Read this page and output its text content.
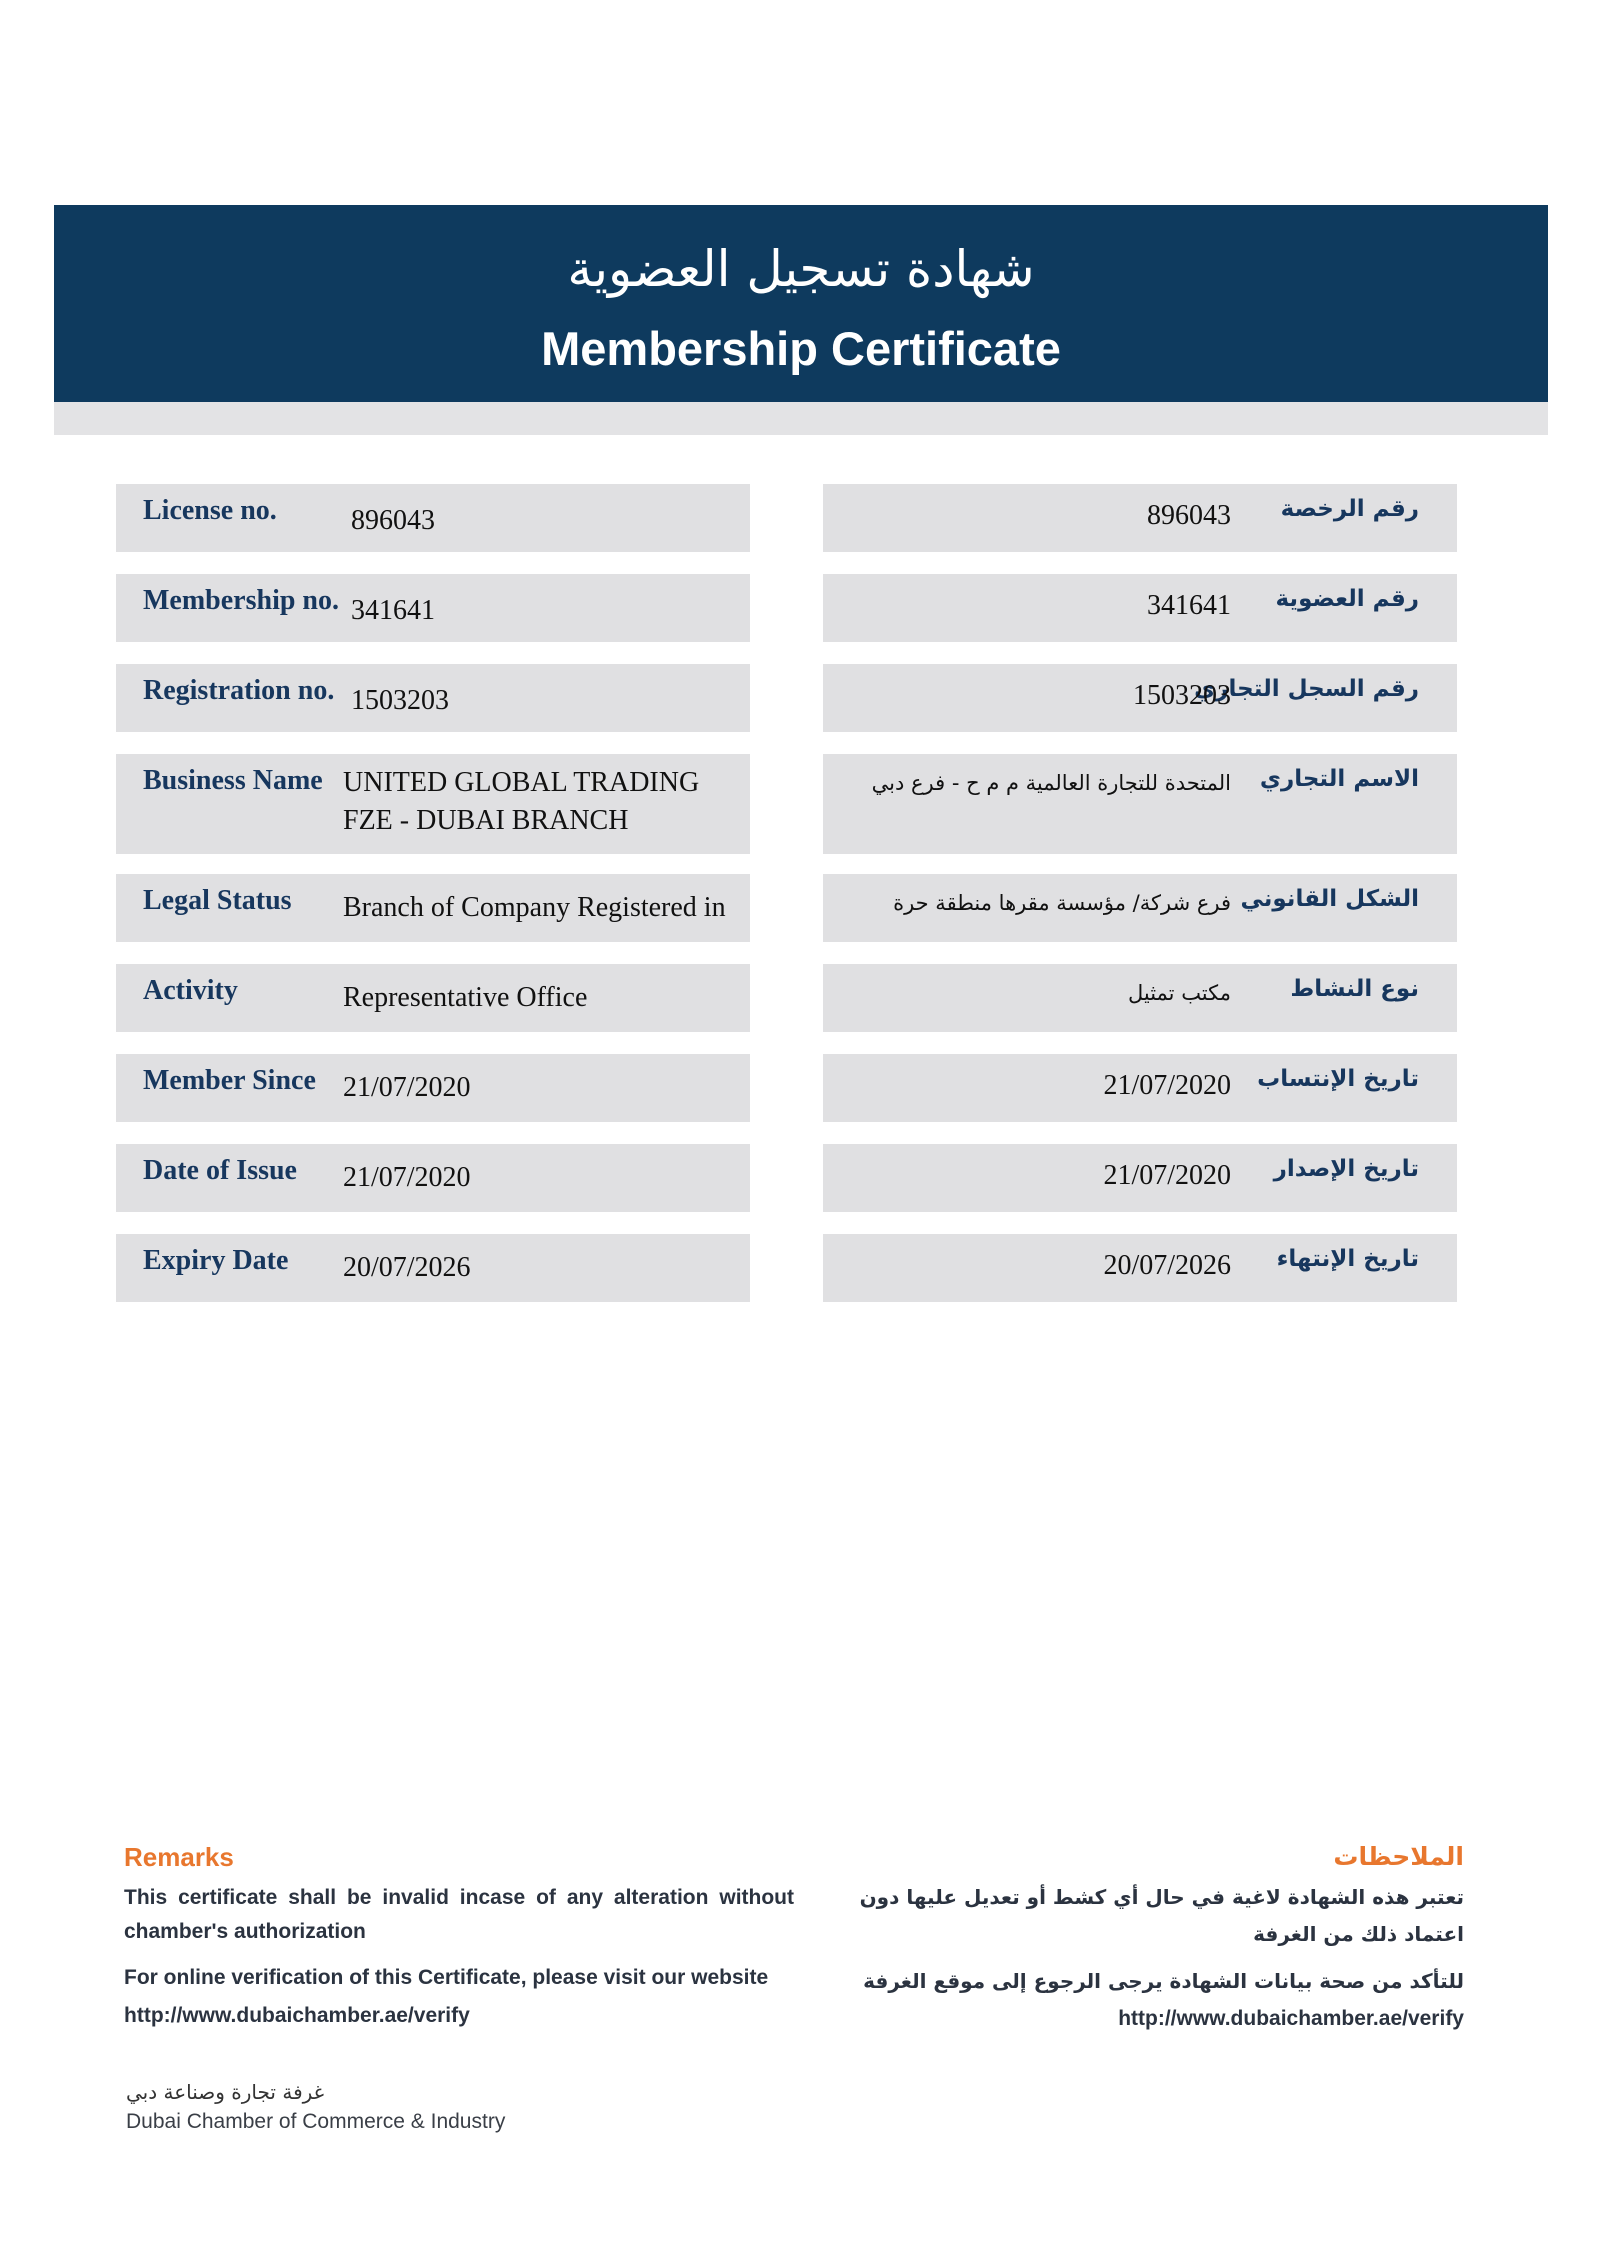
شهادة تسجيل العضوية
Membership Certificate
License no.	896043
Membership no. 341641
Registration no. 1503203
Business Name UNITED GLOBAL TRADING FZE - DUBAI BRANCH
Legal Status Branch of Company Registered in
Activity	Representative Office
Member Since 21/07/2020
Date of Issue 21/07/2020
Expiry Date 20/07/2026
رقم الرخصة
896043
رقم العضوية
341641
رقم السجل التجاري
1503203
الاسم التجاري
المتحدة للتجارة العالمية م م ح - فرع دبي
الشكل القانوني
فرع شركة/ مؤسسة مقرها منطقة حرة
نوع النشاط
مكتب تمثيل
تاريخ الإنتساب
21/07/2020
تاريخ الإصدار
21/07/2020
تاريخ الإنتهاء
20/07/2026
Remarks
This certificate shall be invalid incase of any alteration without chamber's authorization
For online verification of this Certificate, please visit our website
http://www.dubaichamber.ae/verify
الملاحظات
تعتبر هذه الشهادة لاغية في حال أي كشط أو تعديل عليها دون اعتماد ذلك من الغرفة
للتأكد من صحة بيانات الشهادة يرجى الرجوع إلى موقع الغرفة
http://www.dubaichamber.ae/verify
غرفة تجارة وصناعة دبي
Dubai Chamber of Commerce & Industry
